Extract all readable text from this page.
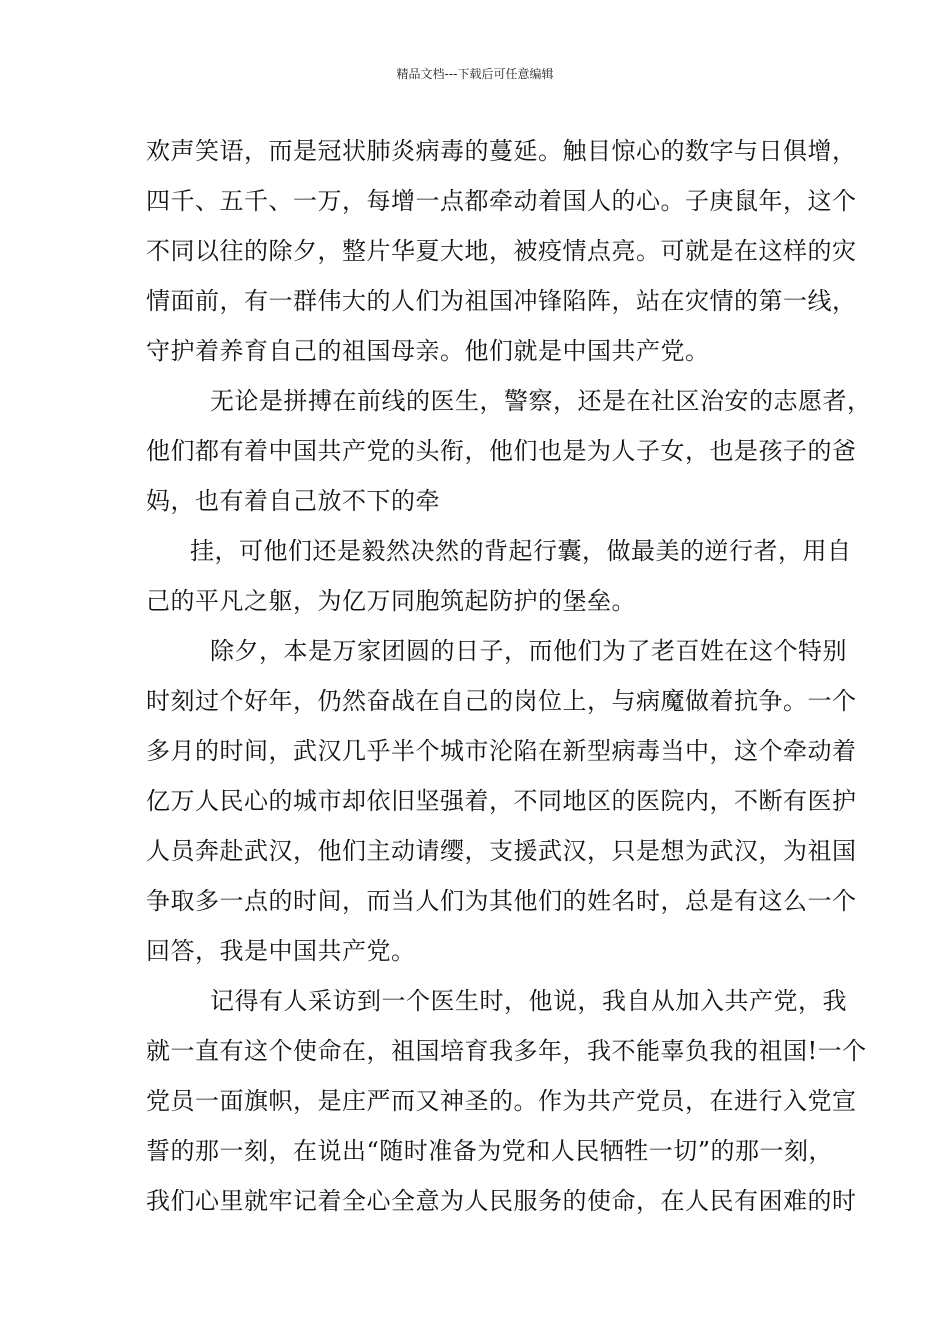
精品文档---下载后可任意编辑
欢声笑语，而是冠状肺炎病毒的蔓延。触目惊心的数字与日俱增，
四千、五千、一万，每增一点都牵动着国人的心。子庚鼠年，这个
不同以往的除夕，整片华夏大地，被疫情点亮。可就是在这样的灾
情面前，有一群伟大的人们为祖国冲锋陷阵，站在灾情的第一线，
守护着养育自己的祖国母亲。他们就是中国共产党。
无论是拼搏在前线的医生，警察，还是在社区治安的志愿者，
他们都有着中国共产党的头衔，他们也是为人子女，也是孩子的爸
妈，也有着自己放不下的牵
挂，可他们还是毅然决然的背起行囊，做最美的逆行者，用自
己的平凡之躯，为亿万同胞筑起防护的堡垒。
除夕，本是万家团圆的日子，而他们为了老百姓在这个特别
时刻过个好年，仍然奋战在自己的岗位上，与病魔做着抗争。一个
多月的时间，武汉几乎半个城市沦陷在新型病毒当中，这个牵动着
亿万人民心的城市却依旧坚强着，不同地区的医院内，不断有医护
人员奔赴武汉，他们主动请缨，支援武汉，只是想为武汉，为祖国
争取多一点的时间，而当人们为其他们的姓名时，总是有这么一个
回答，我是中国共产党。
记得有人采访到一个医生时，他说，我自从加入共产党，我
就一直有这个使命在，祖国培育我多年，我不能辜负我的祖国!一个
党员一面旗帜，是庄严而又神圣的。作为共产党员，在进行入党宣
誓的那一刻，在说出“随时准备为党和人民牺牲一切”的那一刻，
我们心里就牢记着全心全意为人民服务的使命，在人民有困难的时
